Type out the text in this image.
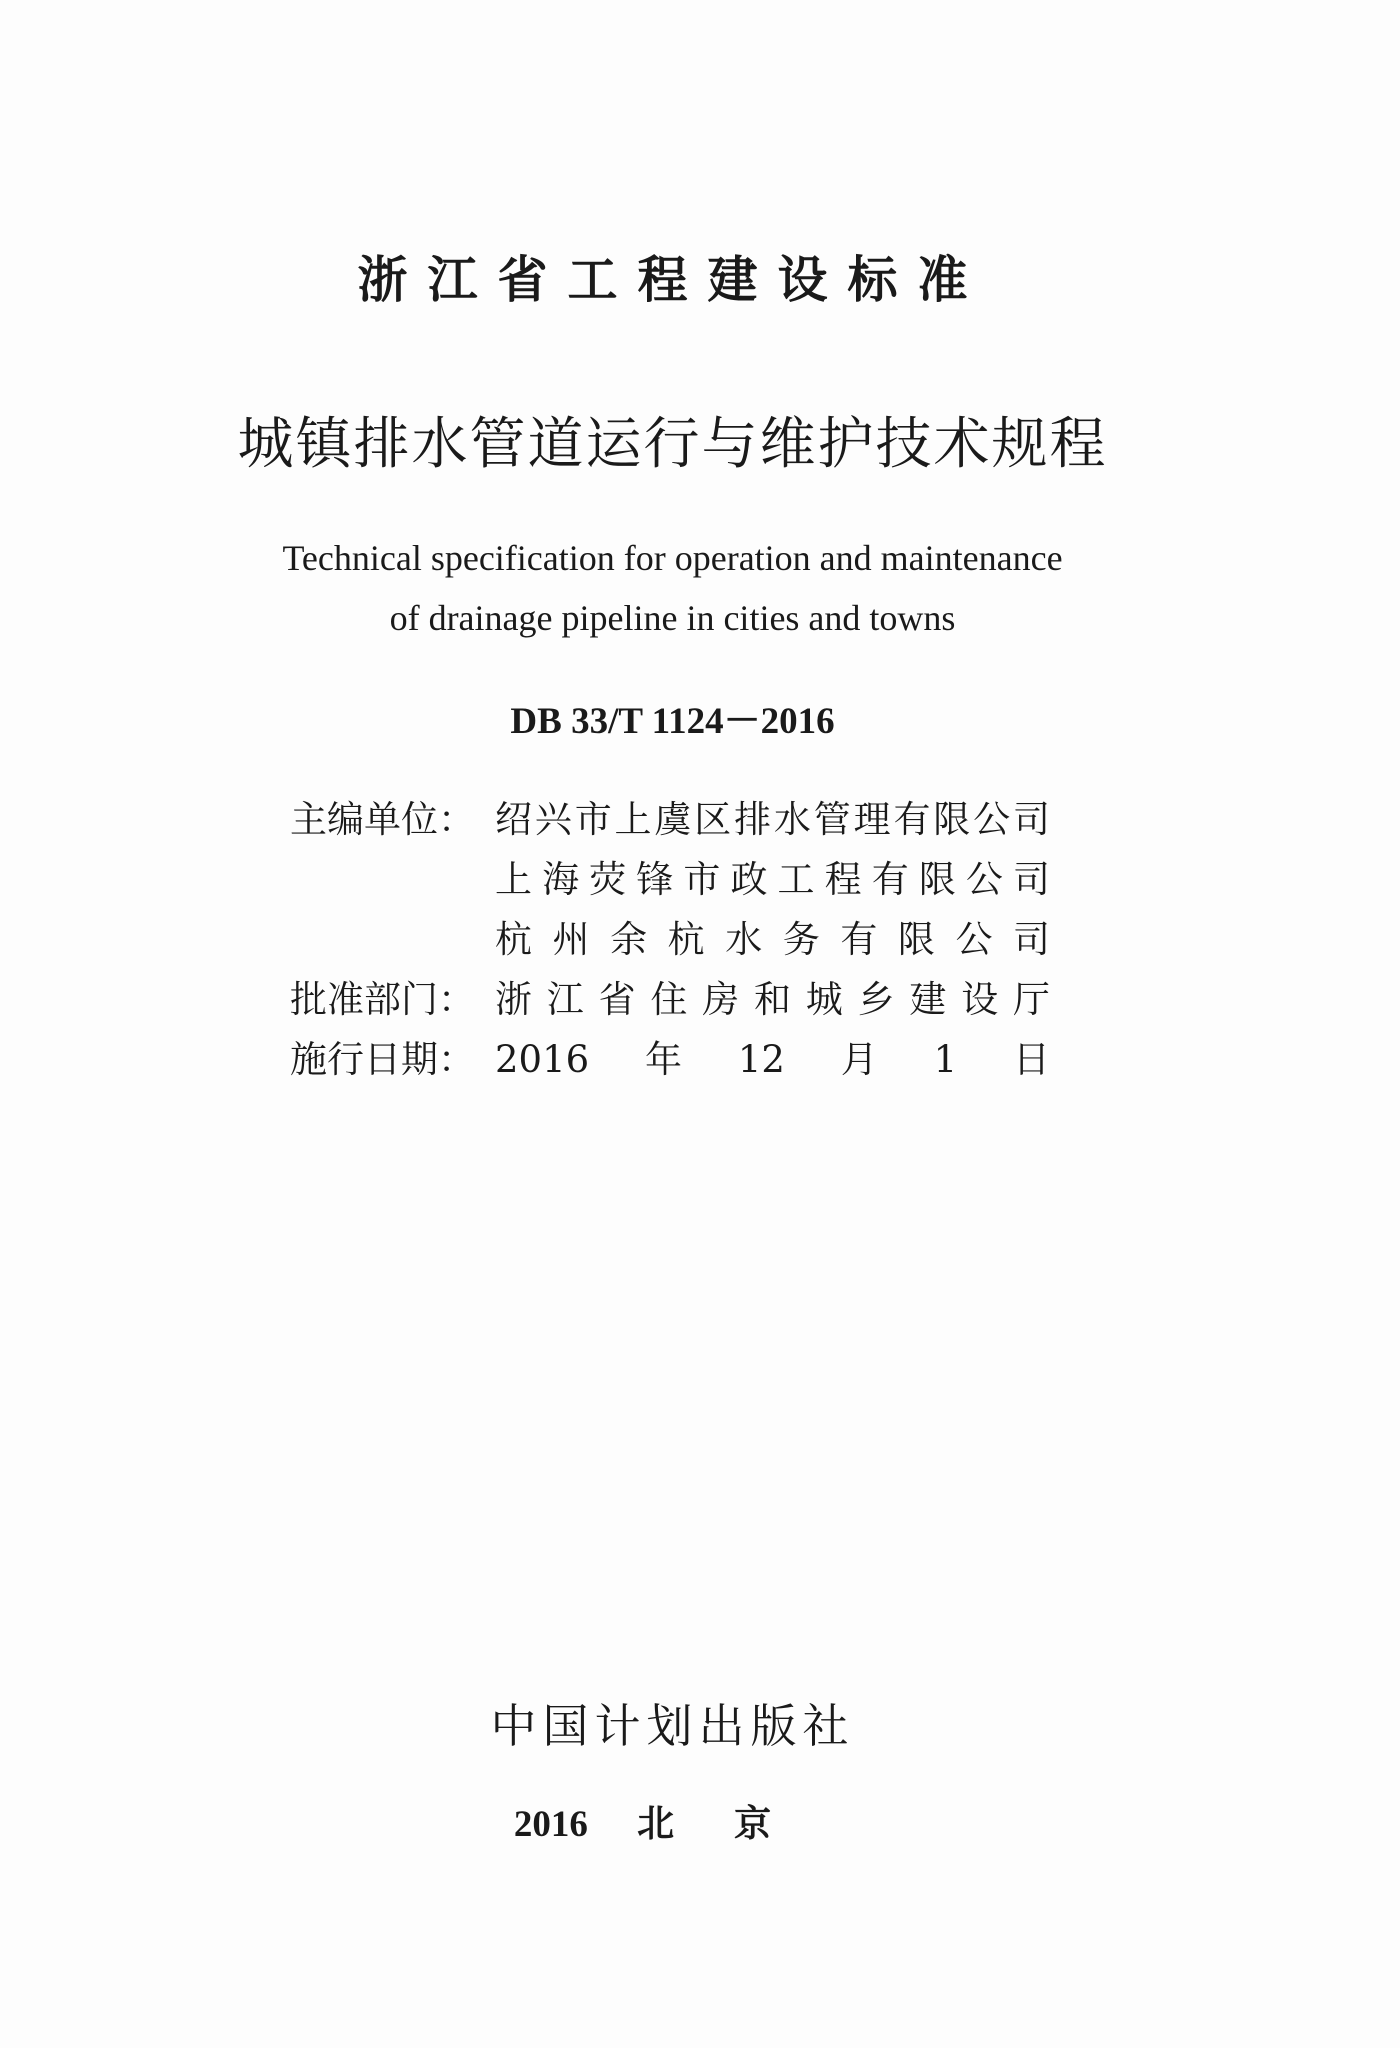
浙江省工程建设标准
城镇排水管道运行与维护技术规程
Technical specification for operation and maintenance
of drainage pipeline in cities and towns
DB 33/T 1124－2016
主编单位： 绍兴市上虞区排水管理有限公司
上海荧锋市政工程有限公司
杭州余杭水务有限公司
批准部门： 浙江省住房和城乡建设厅
施行日期： 2016年12月1日
中国计划出版社
2016 北京
